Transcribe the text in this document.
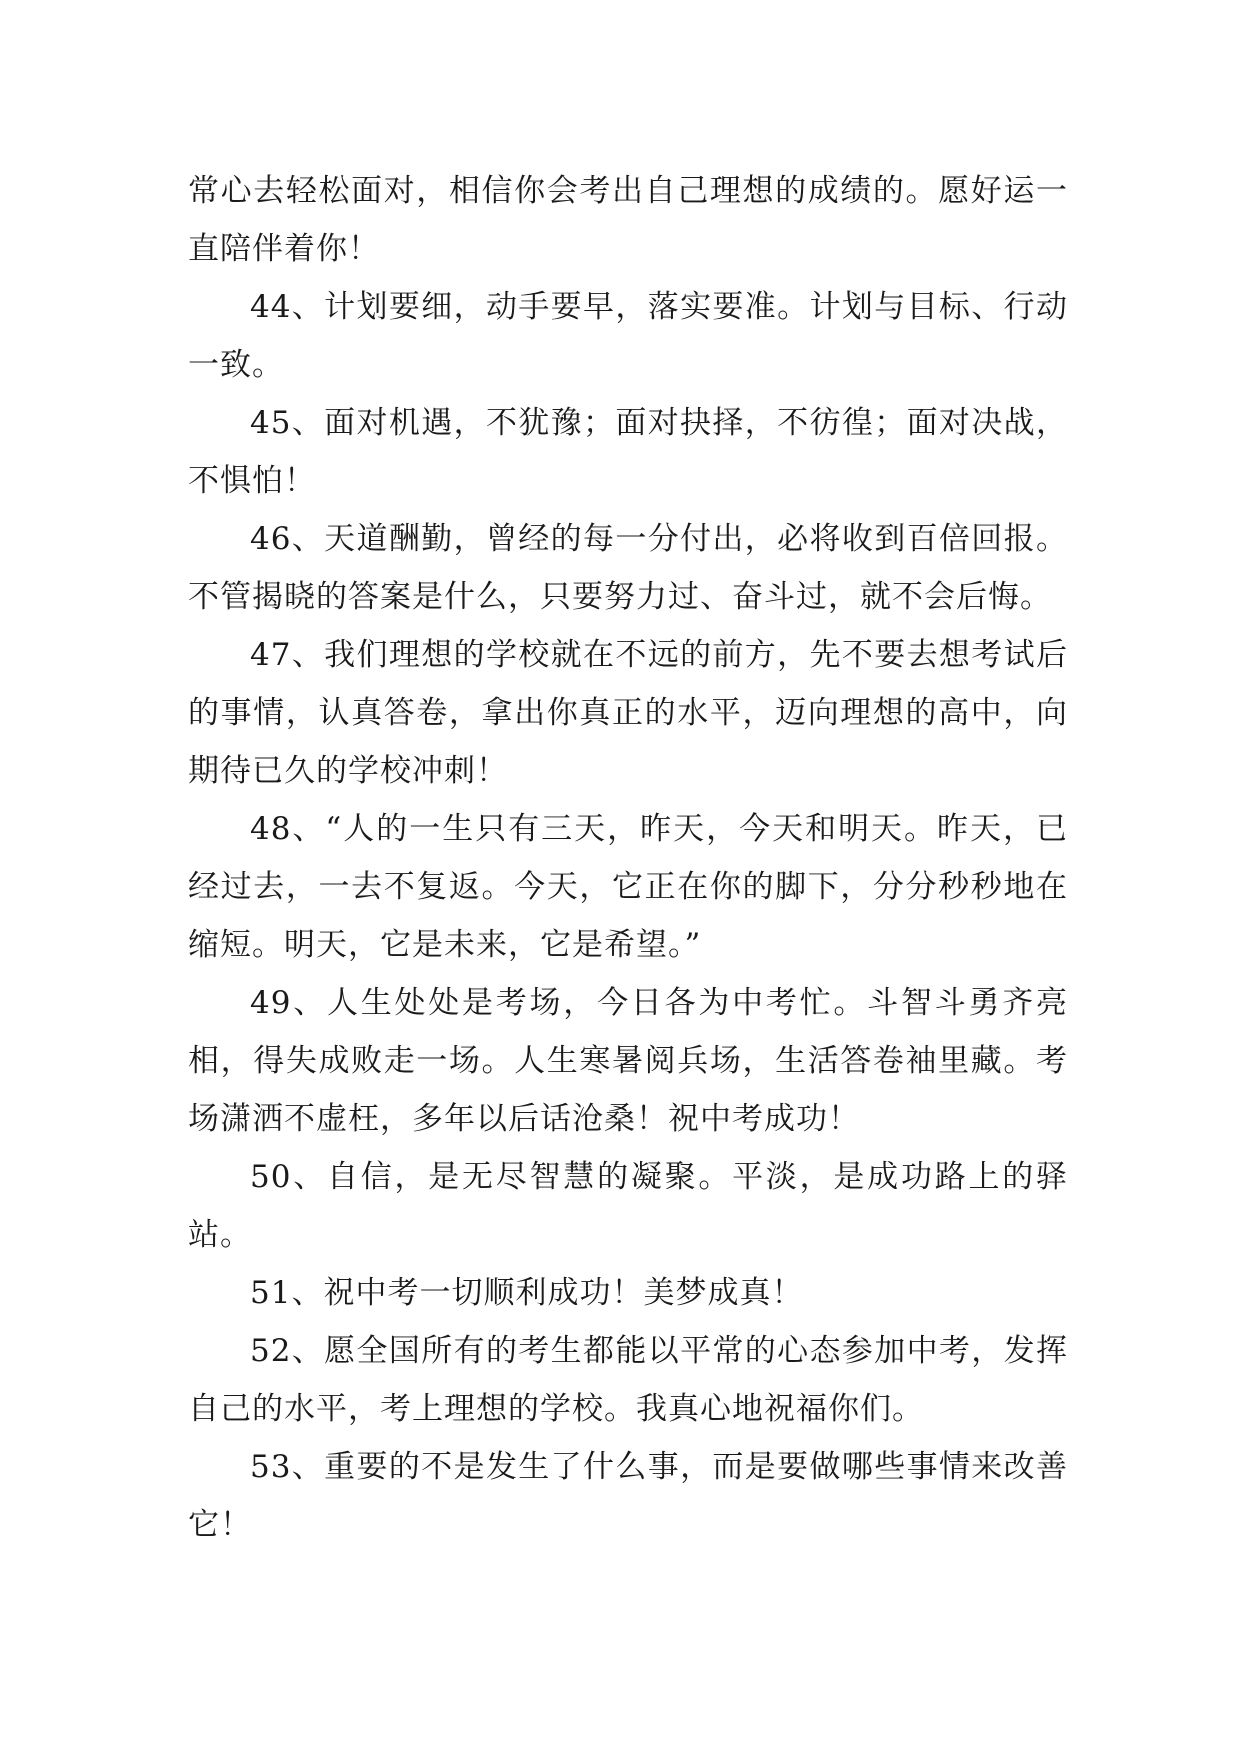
常心去轻松面对，相信你会考出自己理想的成绩的。愿好运一直陪伴着你！

44、计划要细，动手要早，落实要准。计划与目标、行动一致。

45、面对机遇，不犹豫；面对抉择，不彷徨；面对决战，不惧怕！

46、天道酬勤，曾经的每一分付出，必将收到百倍回报。不管揭晓的答案是什么，只要努力过、奋斗过，就不会后悔。

47、我们理想的学校就在不远的前方，先不要去想考试后的事情，认真答卷，拿出你真正的水平，迈向理想的高中，向期待已久的学校冲刺！

48、“人的一生只有三天，昨天，今天和明天。昨天，已经过去，一去不复返。今天，它正在你的脚下，分分秒秒地在缩短。明天，它是未来，它是希望。”

49、人生处处是考场，今日各为中考忙。斗智斗勇齐亮相，得失成败走一场。人生寒暑阅兵场，生活答卷袖里藏。考场潇洒不虚枉，多年以后话沧桑！祝中考成功！

50、自信，是无尽智慧的凝聚。平淡，是成功路上的驿站。

51、祝中考一切顺利成功！美梦成真！

52、愿全国所有的考生都能以平常的心态参加中考，发挥自己的水平，考上理想的学校。我真心地祝福你们。

53、重要的不是发生了什么事，而是要做哪些事情来改善它！
